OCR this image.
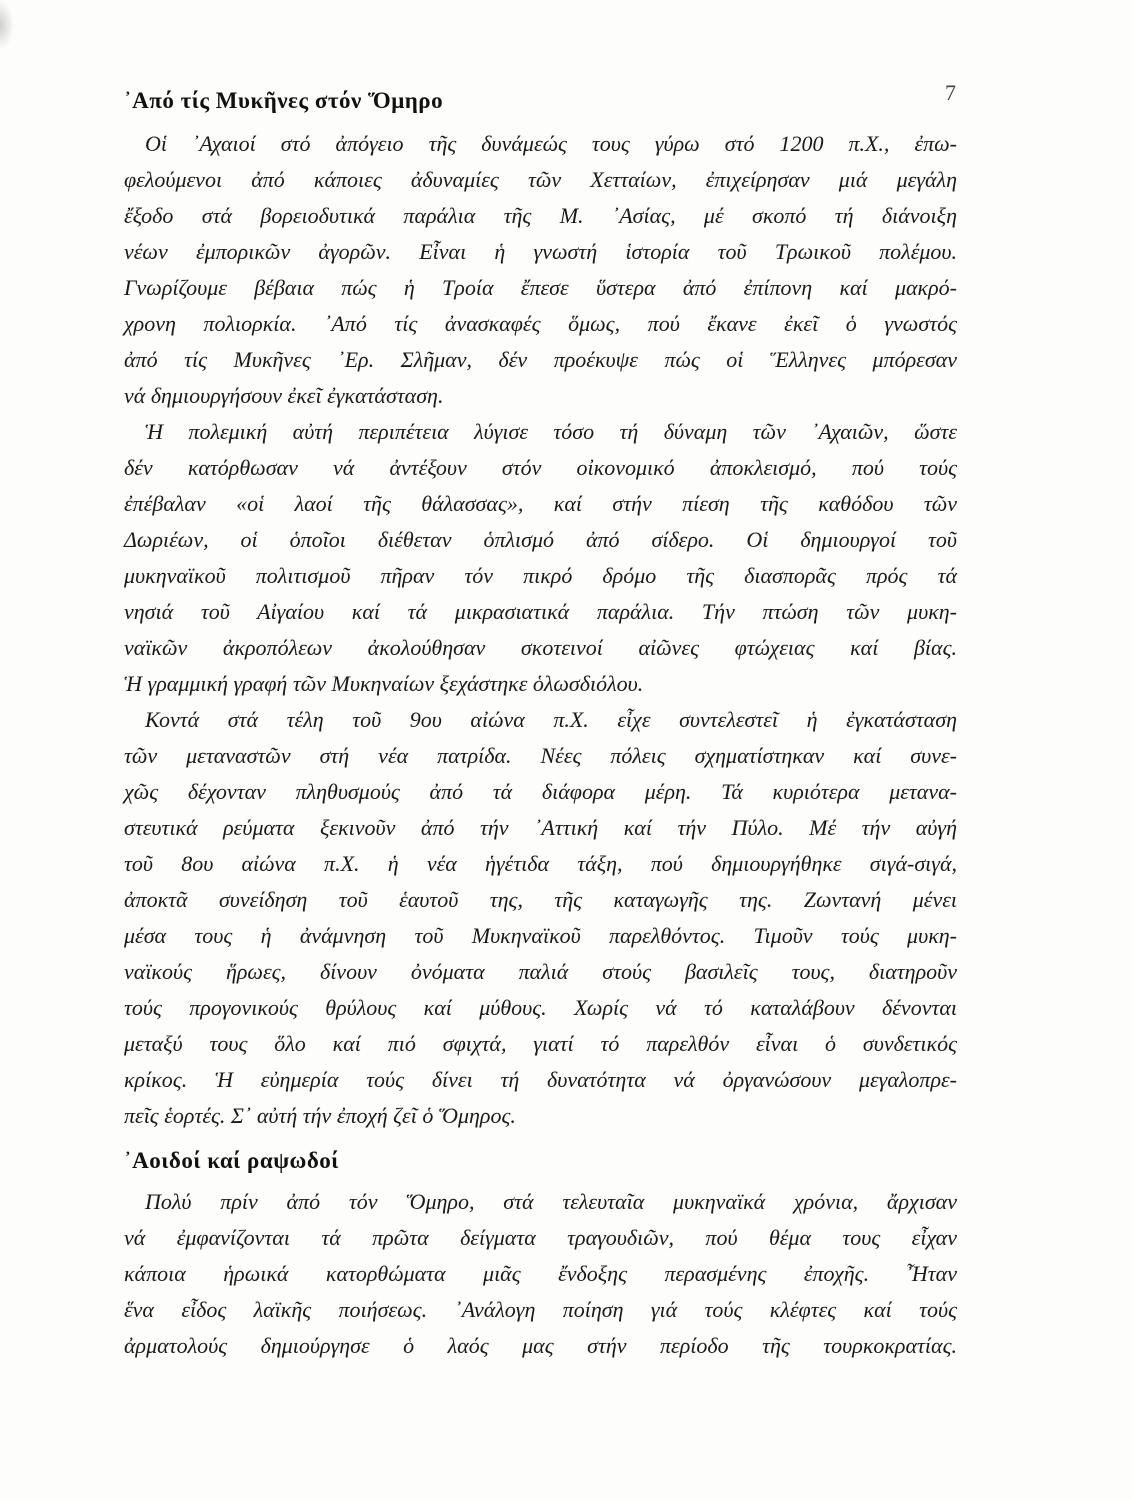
7
᾿Από τίς Μυκῆνες στόν Ὅμηρο
Οἱ ᾿Αχαιοί στό ἀπόγειο τῆς δυνάμεώς τους γύρω στό 1200 π.Χ., ἐπω-
φελούμενοι ἀπό κάποιες ἀδυναμίες τῶν Χετταίων, ἐπιχείρησαν μιά μεγάλη
ἔξοδο στά βορειοδυτικά παράλια τῆς Μ. ᾿Ασίας, μέ σκοπό τή διάνοιξη
νέων ἐμπορικῶν ἀγορῶν. Εἶναι ἡ γνωστή ἱστορία τοῦ Τρωικοῦ πολέμου.
Γνωρίζουμε βέβαια πώς ἡ Τροία ἔπεσε ὕστερα ἀπό ἐπίπονη καί μακρό-
χρονη πολιορκία. ᾿Από τίς ἀνασκαφές ὅμως, πού ἔκανε ἐκεῖ ὁ γνωστός
ἀπό τίς Μυκῆνες ᾿Ερ. Σλῆμαν, δέν προέκυψε πώς οἱ Ἕλληνες μπόρεσαν
νά δημιουργήσουν ἐκεῖ ἐγκατάσταση.
Ἡ πολεμική αὐτή περιπέτεια λύγισε τόσο τή δύναμη τῶν ᾿Αχαιῶν, ὥστε
δέν κατόρθωσαν νά ἀντέξουν στόν οἰκονομικό ἀποκλεισμό, πού τούς
ἐπέβαλαν «οἱ λαοί τῆς θάλασσας», καί στήν πίεση τῆς καθόδου τῶν
Δωριέων, οἱ ὁποῖοι διέθεταν ὁπλισμό ἀπό σίδερο. Οἱ δημιουργοί τοῦ
μυκηναϊκοῦ πολιτισμοῦ πῆραν τόν πικρό δρόμο τῆς διασπορᾶς πρός τά
νησιά τοῦ Αἰγαίου καί τά μικρασιατικά παράλια. Τήν πτώση τῶν μυκη-
ναϊκῶν ἀκροπόλεων ἀκολούθησαν σκοτεινοί αἰῶνες φτώχειας καί βίας.
Ἡ γραμμική γραφή τῶν Μυκηναίων ξεχάστηκε ὁλωσδιόλου.
Κοντά στά τέλη τοῦ 9ου αἰώνα π.Χ. εἶχε συντελεστεῖ ἡ ἐγκατάσταση
τῶν μεταναστῶν στή νέα πατρίδα. Νέες πόλεις σχηματίστηκαν καί συνε-
χῶς δέχονταν πληθυσμούς ἀπό τά διάφορα μέρη. Τά κυριότερα μετανα-
στευτικά ρεύματα ξεκινοῦν ἀπό τήν ᾿Αττική καί τήν Πύλο. Μέ τήν αὐγή
τοῦ 8ου αἰώνα π.Χ. ἡ νέα ἡγέτιδα τάξη, πού δημιουργήθηκε σιγά-σιγά,
ἀποκτᾶ συνείδηση τοῦ ἑαυτοῦ της, τῆς καταγωγῆς της. Ζωντανή μένει
μέσα τους ἡ ἀνάμνηση τοῦ Μυκηναϊκοῦ παρελθόντος. Τιμοῦν τούς μυκη-
ναϊκούς ἥρωες, δίνουν ὀνόματα παλιά στούς βασιλεῖς τους, διατηροῦν
τούς προγονικούς θρύλους καί μύθους. Χωρίς νά τό καταλάβουν δένονται
μεταξύ τους ὅλο καί πιό σφιχτά, γιατί τό παρελθόν εἶναι ὁ συνδετικός
κρίκος. Ἡ εὐημερία τούς δίνει τή δυνατότητα νά ὀργανώσουν μεγαλοπρε-
πεῖς ἑορτές. Σ᾿ αὐτή τήν ἐποχή ζεῖ ὁ Ὅμηρος.
᾿Αοιδοί καί ραψωδοί
Πολύ πρίν ἀπό τόν Ὅμηρο, στά τελευταῖα μυκηναϊκά χρόνια, ἄρχισαν
νά ἐμφανίζονται τά πρῶτα δείγματα τραγουδιῶν, πού θέμα τους εἶχαν
κάποια ἡρωικά κατορθώματα μιᾶς ἔνδοξης περασμένης ἐποχῆς. Ἦταν
ἕνα εἶδος λαϊκῆς ποιήσεως. ᾿Ανάλογη ποίηση γιά τούς κλέφτες καί τούς
ἀρματολούς δημιούργησε ὁ λαός μας στήν περίοδο τῆς τουρκοκρατίας.
